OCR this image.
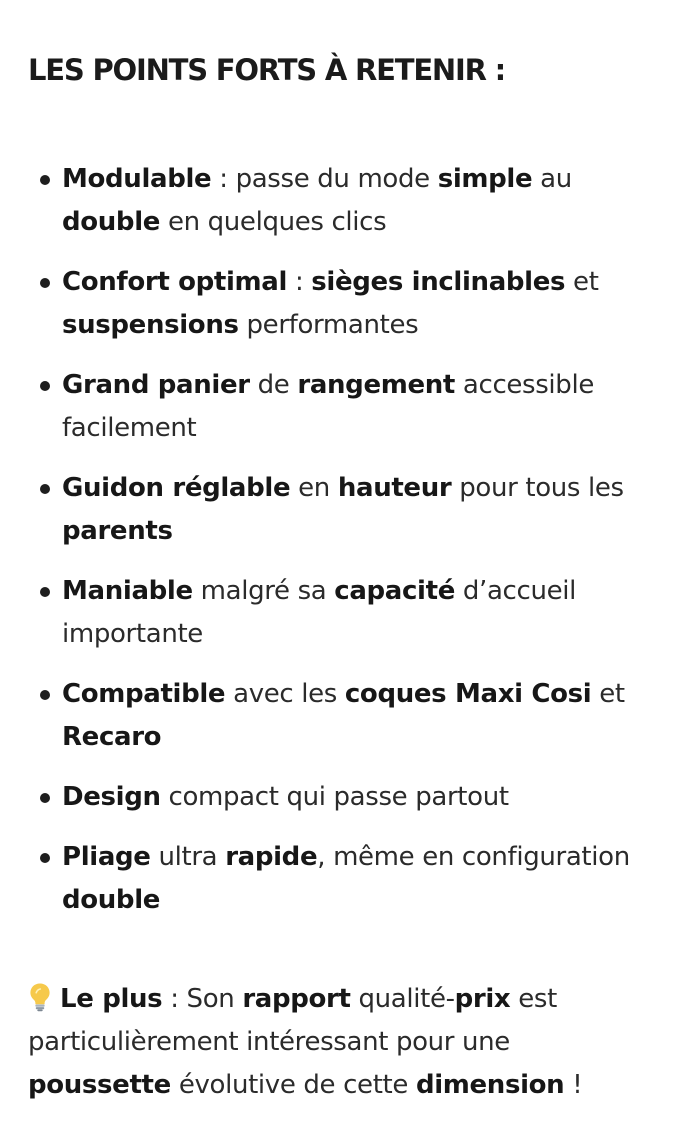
LES POINTS FORTS À RETENIR :
Modulable : passe du mode simple au double en quelques clics
Confort optimal : sièges inclinables et suspensions performantes
Grand panier de rangement accessible facilement
Guidon réglable en hauteur pour tous les parents
Maniable malgré sa capacité d’accueil importante
Compatible avec les coques Maxi Cosi et Recaro
Design compact qui passe partout
Pliage ultra rapide, même en configuration double

Le plus : Son rapport qualité-prix est particulièrement intéressant pour une poussette évolutive de cette dimension !
